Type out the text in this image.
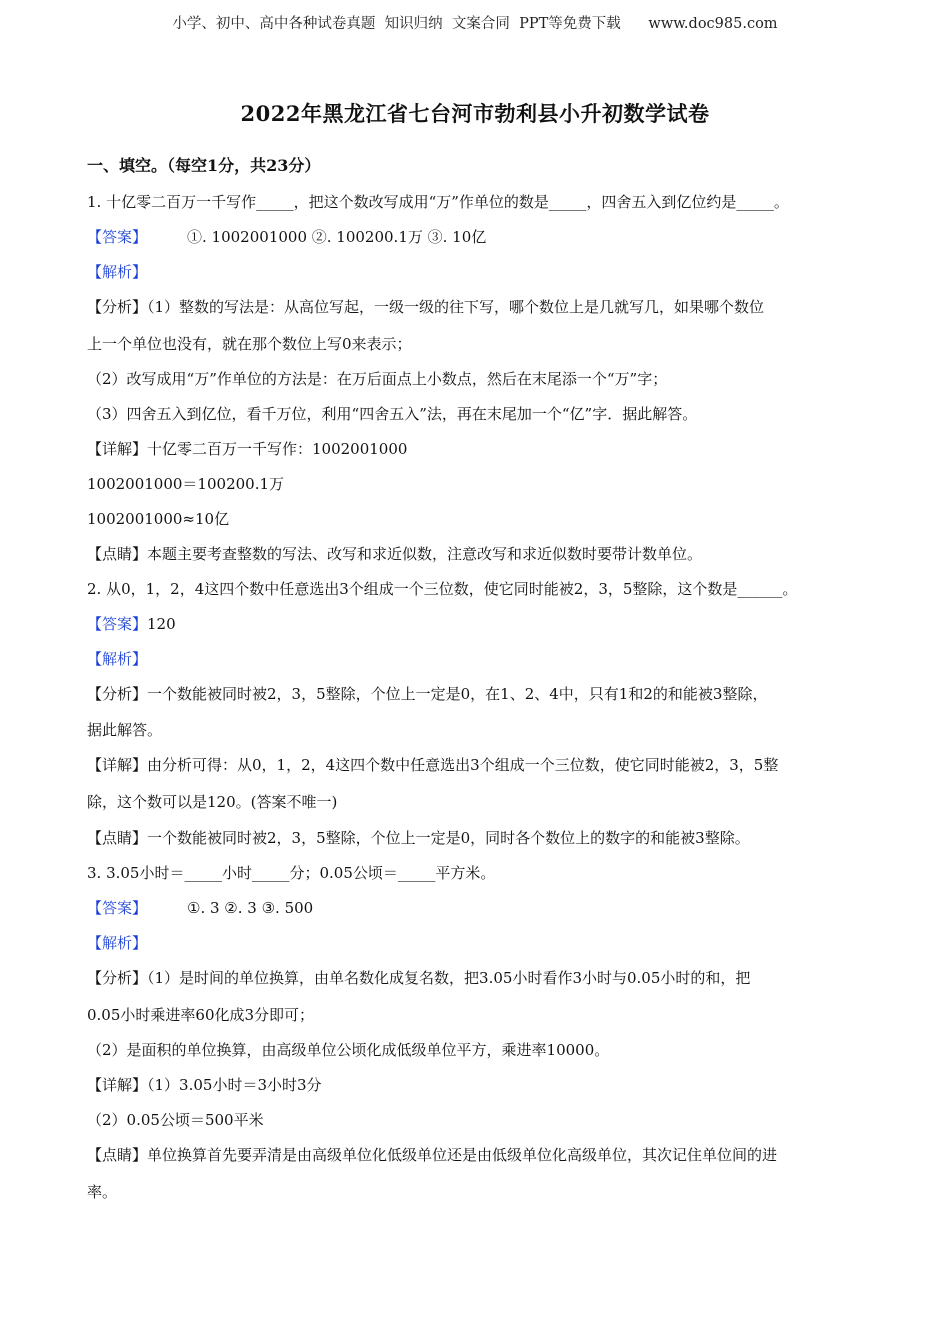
小学、初中、高中各种试卷真题  知识归纳  文案合同  PPT等免费下载      www.doc985.com
2022年黑龙江省七台河市勃利县小升初数学试卷
一、填空。（每空1分，共23分）
1. 十亿零二百万一千写作_____，把这个数改写成用“万”作单位的数是_____，四舍五入到亿位约是_____。
【答案】	①. 1002001000 ②. 100200.1万 ③. 10亿
【解析】
【分析】（1）整数的写法是：从高位写起，一级一级的往下写，哪个数位上是几就写几，如果哪个数位
上一个单位也没有，就在那个数位上写0来表示；
（2）改写成用“万”作单位的方法是：在万后面点上小数点，然后在末尾添一个“万”字；
（3）四舍五入到亿位，看千万位，利用“四舍五入”法，再在末尾加一个“亿”字．据此解答。
【详解】十亿零二百万一千写作：1002001000
1002001000＝100200.1万
1002001000≈10亿
【点睛】本题主要考查整数的写法、改写和求近似数，注意改写和求近似数时要带计数单位。
2. 从0，1，2，4这四个数中任意选出3个组成一个三位数，使它同时能被2，3，5整除，这个数是______。
【答案】120
【解析】
【分析】一个数能被同时被2，3，5整除，个位上一定是0，在1、2、4中，只有1和2的和能被3整除，
据此解答。
【详解】由分析可得：从0，1，2，4这四个数中任意选出3个组成一个三位数，使它同时能被2，3，5整
除，这个数可以是120。(答案不唯一)
【点睛】一个数能被同时被2，3，5整除，个位上一定是0，同时各个数位上的数字的和能被3整除。
3. 3.05小时＝_____小时_____分；0.05公顷＝_____平方米。
【答案】	①. 3 ②. 3 ③. 500
【解析】
【分析】（1）是时间的单位换算，由单名数化成复名数，把3.05小时看作3小时与0.05小时的和，把
0.05小时乘进率60化成3分即可；
（2）是面积的单位换算，由高级单位公顷化成低级单位平方，乘进率10000。
【详解】（1）3.05小时＝3小时3分
（2）0.05公顷＝500平米
【点睛】单位换算首先要弄清是由高级单位化低级单位还是由低级单位化高级单位，其次记住单位间的进
率。
